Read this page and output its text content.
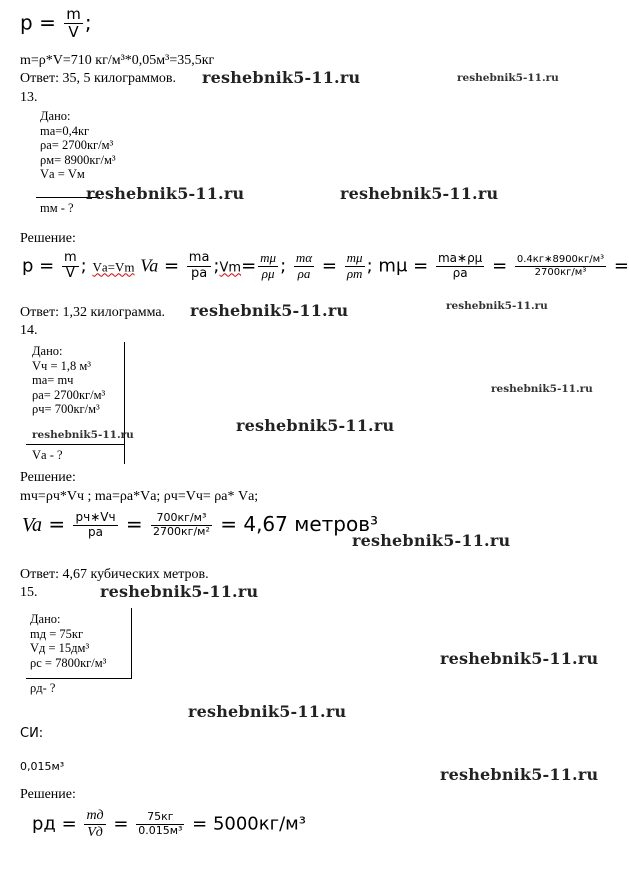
$p = \frac{m}{V}$ ;
m=ρ*V=710 кг/м³*0,05м³=35,5кг
Ответ: 35, 5 килограммов. reshebnik5-11.ru	reshebnik5-11.ru
13.
Дано:
mа=0,4кг
ρа= 2700кг/м³
ρм= 8900кг/м³
Vа = Vм
mм - ?
reshebnik5-11.ru	reshebnik5-11.ru
Решение:
$p = \frac{m}{V}$ ; Vа=Vm $Va = \frac{mа}{pa}$ ;Vm= $\frac{m\mu}{\rho\mu}$ ; $\frac{m\alpha}{\rho a} = \frac{m\mu}{\rho m}$ ; $m\mu = \frac{mа∗\rho\mu}{\rho a} = \frac{\text{0.4кг∗8900кг/м³}}{\text{2700кг/м³}}$ =
Ответ: 1,32 килограмма. reshebnik5-11.ru	reshebnik5-11.ru
14.
Дано:
Vч = 1,8 м³
mа= mч
ρа= 2700кг/м³
ρч= 700кг/м³
reshebnik5-11.ru
Vа - ?
reshebnik5-11.ru
reshebnik5-11.ru
Решение:
mч=ρч*Vч ; mа=ρа*Vа; ρч=Vч= ρа* Vа;
$Va = \frac{pч∗Vч}{pa} = \frac{\text{700кг/м³}}{\text{2700кг/м²}} = 4,67$ метров³
reshebnik5-11.ru
Ответ: 4,67 кубических метров.
15.	reshebnik5-11.ru
Дано:
mд = 75кг
Vд = 15дм³
ρс = 7800кг/м³
ρд- ?
reshebnik5-11.ru
reshebnik5-11.ru
СИ:
0,015м³	reshebnik5-11.ru
Решение:
pд = $\frac{mд}{Vд} = \frac{75кг}{\text{0.015м³}} = 5000кг/м^3$
